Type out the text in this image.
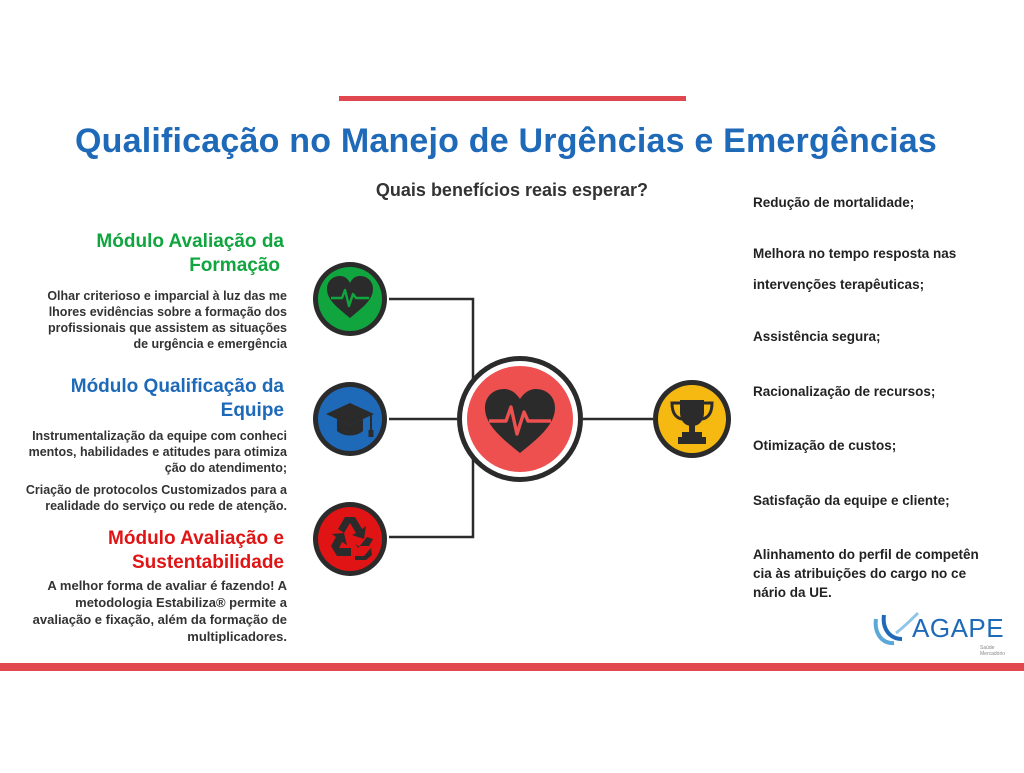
Qualificação no Manejo de Urgências e Emergências
Quais benefícios reais esperar?
Módulo Avaliação da
Formação
Olhar criterioso e imparcial à luz das me
lhores evidências sobre a formação dos
profissionais que assistem as situações
de urgência e emergência
Módulo Qualificação da
Equipe
Instrumentalização da equipe com conheci
mentos, habilidades e atitudes para otimiza
ção do atendimento;
Criação de protocolos Customizados para a
realidade do serviço ou rede de atenção.
Módulo Avaliação e
Sustentabilidade
A melhor forma de avaliar é fazendo! A
metodologia Estabiliza® permite a
avaliação e fixação, além da formação de
multiplicadores.
Redução de mortalidade;
Melhora no tempo resposta nas
intervenções terapêuticas;
Assistência segura;
Racionalização de recursos;
Otimização de custos;
Satisfação da equipe e cliente;
Alinhamento do perfil de competên
cia às atribuições do cargo no ce
nário da UE.
AGAPE
Saúde Mercadório
